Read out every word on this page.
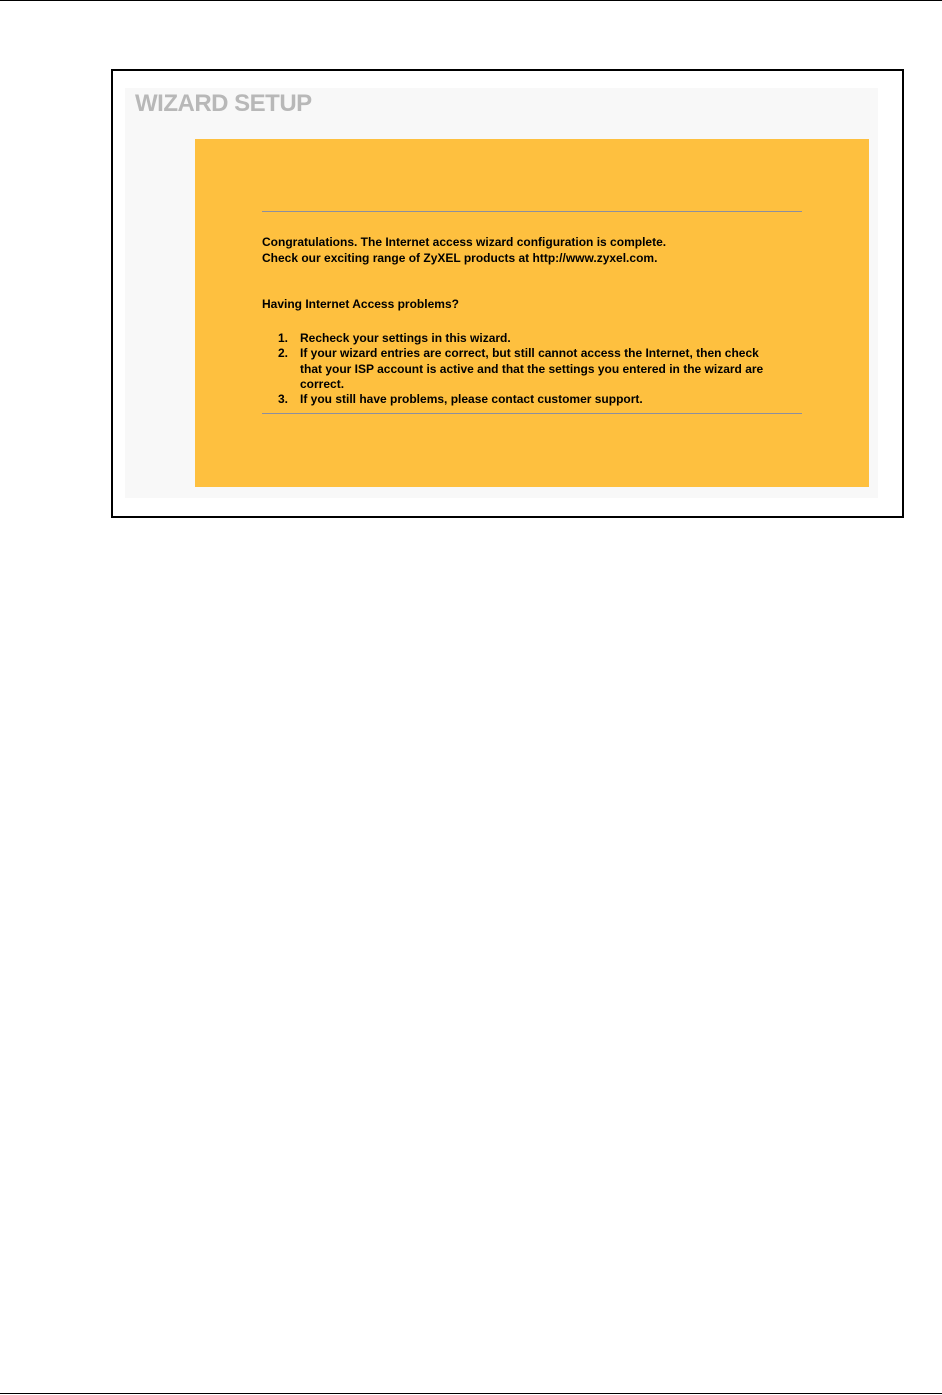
WIZARD SETUP
Congratulations. The Internet access wizard configuration is complete.
Check our exciting range of ZyXEL products at http://www.zyxel.com.
Having Internet Access problems?
1. Recheck your settings in this wizard.
2. If your wizard entries are correct, but still cannot access the Internet, then check
that your ISP account is active and that the settings you entered in the wizard are
correct.
3. If you still have problems, please contact customer support.
